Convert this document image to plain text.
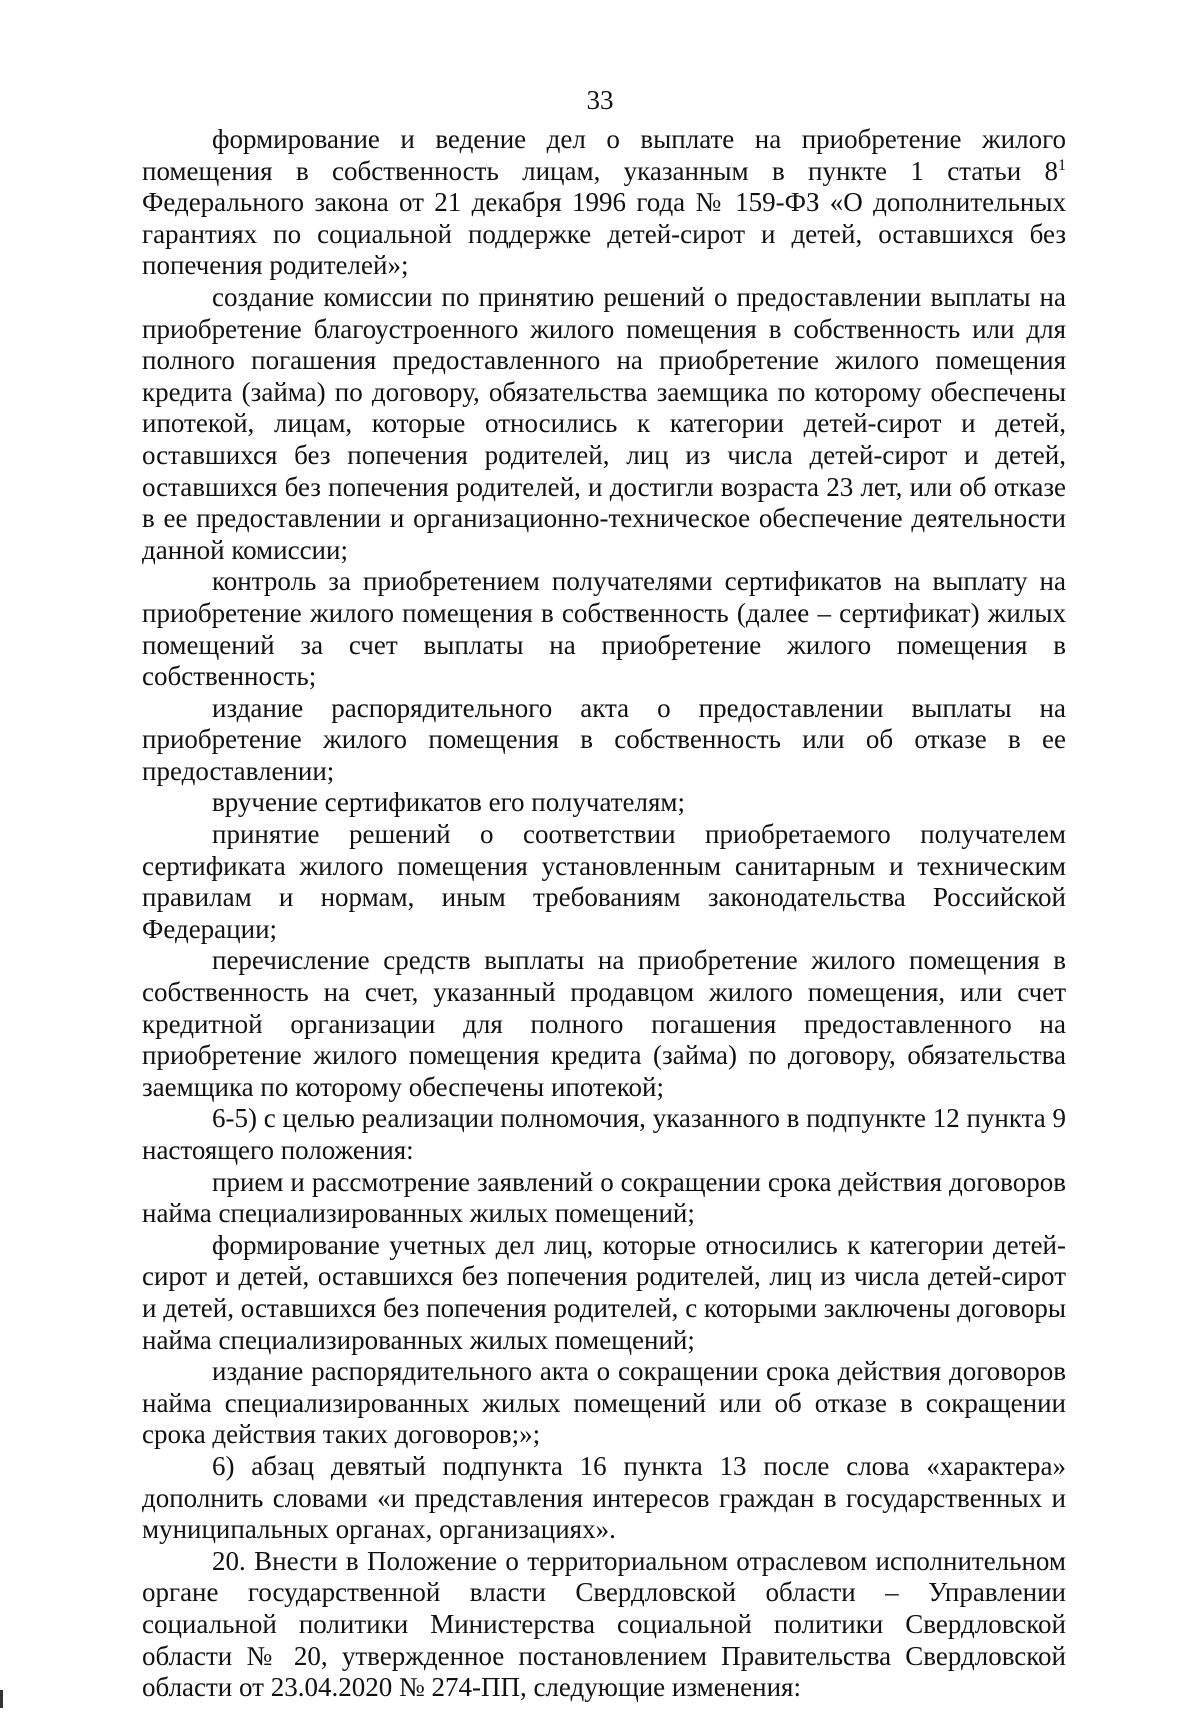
33

формирование и ведение дел о выплате на приобретение жилого помещения в собственность лицам, указанным в пункте 1 статьи $8^1$ Федерального закона от 21 декабря 1996 года № 159-ФЗ «О дополнительных гарантиях по социальной поддержке детей-сирот и детей, оставшихся без попечения родителей»;

создание комиссии по принятию решений о предоставлении выплаты на приобретение благоустроенного жилого помещения в собственность или для полного погашения предоставленного на приобретение жилого помещения кредита (займа) по договору, обязательства заемщика по которому обеспечены ипотекой, лицам, которые относились к категории детей-сирот и детей, оставшихся без попечения родителей, лиц из числа детей-сирот и детей, оставшихся без попечения родителей, и достигли возраста 23 лет, или об отказе в ее предоставлении и организационно-техническое обеспечение деятельности данной комиссии;

контроль за приобретением получателями сертификатов на выплату на приобретение жилого помещения в собственность (далее – сертификат) жилых помещений за счет выплаты на приобретение жилого помещения в собственность;

издание распорядительного акта о предоставлении выплаты на приобретение жилого помещения в собственность или об отказе в ее предоставлении;

вручение сертификатов его получателям;

принятие решений о соответствии приобретаемого получателем сертификата жилого помещения установленным санитарным и техническим правилам и нормам, иным требованиям законодательства Российской Федерации;

перечисление средств выплаты на приобретение жилого помещения в собственность на счет, указанный продавцом жилого помещения, или счет кредитной организации для полного погашения предоставленного на приобретение жилого помещения кредита (займа) по договору, обязательства заемщика по которому обеспечены ипотекой;

6-5) с целью реализации полномочия, указанного в подпункте 12 пункта 9 настоящего положения:

прием и рассмотрение заявлений о сокращении срока действия договоров найма специализированных жилых помещений;

формирование учетных дел лиц, которые относились к категории детей-сирот и детей, оставшихся без попечения родителей, лиц из числа детей-сирот и детей, оставшихся без попечения родителей, с которыми заключены договоры найма специализированных жилых помещений;

издание распорядительного акта о сокращении срока действия договоров найма специализированных жилых помещений или об отказе в сокращении срока действия таких договоров;»;

6) абзац девятый подпункта 16 пункта 13 после слова «характера» дополнить словами «и представления интересов граждан в государственных и муниципальных органах, организациях».

20. Внести в Положение о территориальном отраслевом исполнительном органе государственной власти Свердловской области – Управлении социальной политики Министерства социальной политики Свердловской области № 20, утвержденное постановлением Правительства Свердловской области от 23.04.2020 № 274-ПП, следующие изменения:
